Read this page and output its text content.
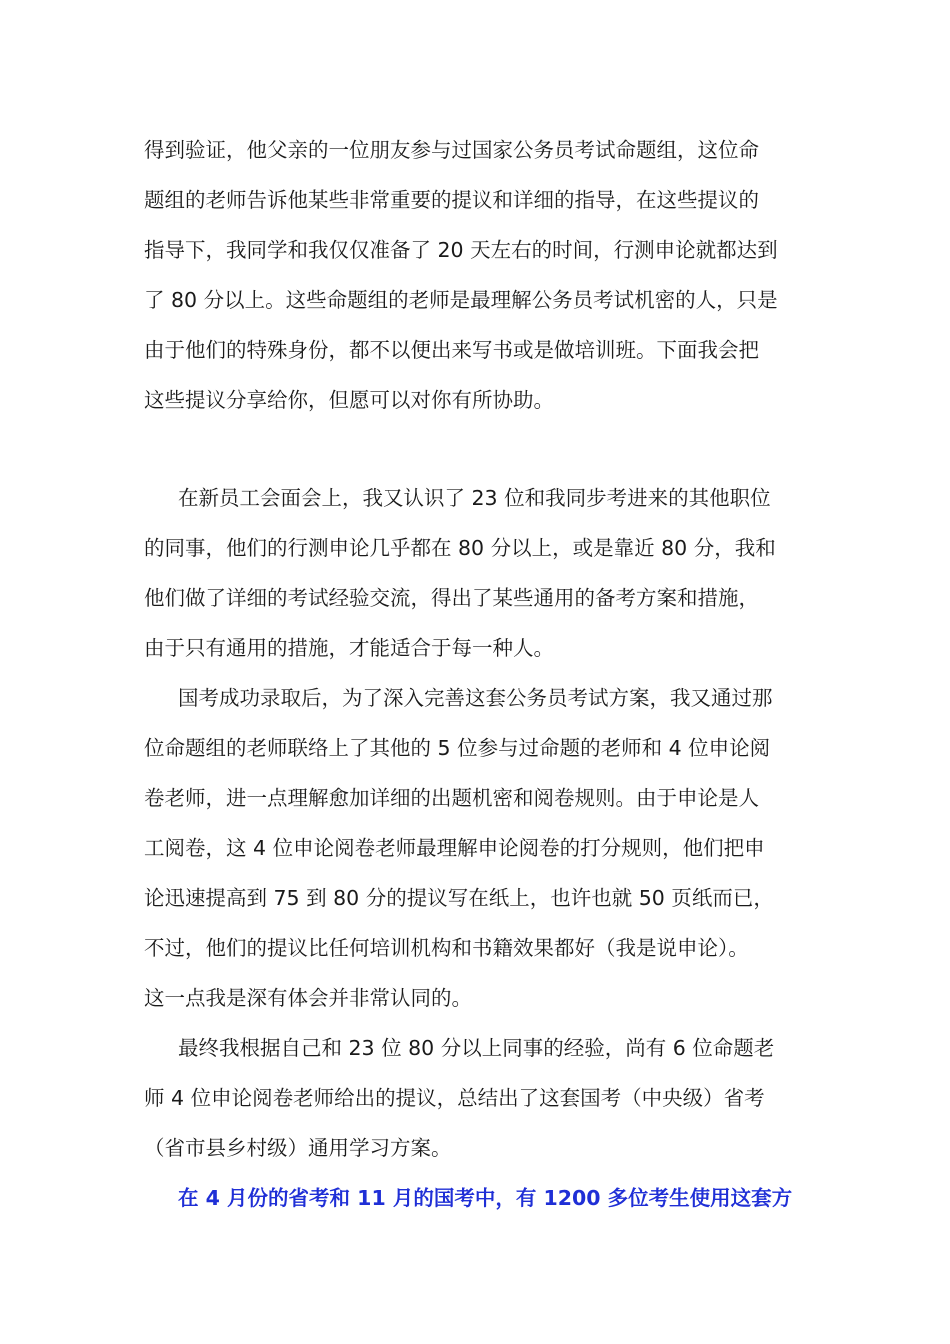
得到验证，他父亲的一位朋友参与过国家公务员考试命题组，这位命
题组的老师告诉他某些非常重要的提议和详细的指导，在这些提议的
指导下，我同学和我仅仅准备了 20 天左右的时间，行测申论就都达到
了 80 分以上。这些命题组的老师是最理解公务员考试机密的人，只是
由于他们的特殊身份，都不以便出来写书或是做培训班。下面我会把
这些提议分享给你，但愿可以对你有所协助。
在新员工会面会上，我又认识了 23 位和我同步考进来的其他职位
的同事，他们的行测申论几乎都在 80 分以上，或是靠近 80 分，我和
他们做了详细的考试经验交流，得出了某些通用的备考方案和措施，
由于只有通用的措施，才能适合于每一种人。
国考成功录取后，为了深入完善这套公务员考试方案，我又通过那
位命题组的老师联络上了其他的 5 位参与过命题的老师和 4 位申论阅
卷老师，进一点理解愈加详细的出题机密和阅卷规则。由于申论是人
工阅卷，这 4 位申论阅卷老师最理解申论阅卷的打分规则，他们把申
论迅速提高到 75 到 80 分的提议写在纸上，也许也就 50 页纸而已，
不过，他们的提议比任何培训机构和书籍效果都好（我是说申论）。
这一点我是深有体会并非常认同的。
最终我根据自己和 23 位 80 分以上同事的经验，尚有 6 位命题老
师 4 位申论阅卷老师给出的提议，总结出了这套国考（中央级）省考
（省市县乡村级）通用学习方案。
在 4 月份的省考和 11 月的国考中，有 1200 多位考生使用这套方
